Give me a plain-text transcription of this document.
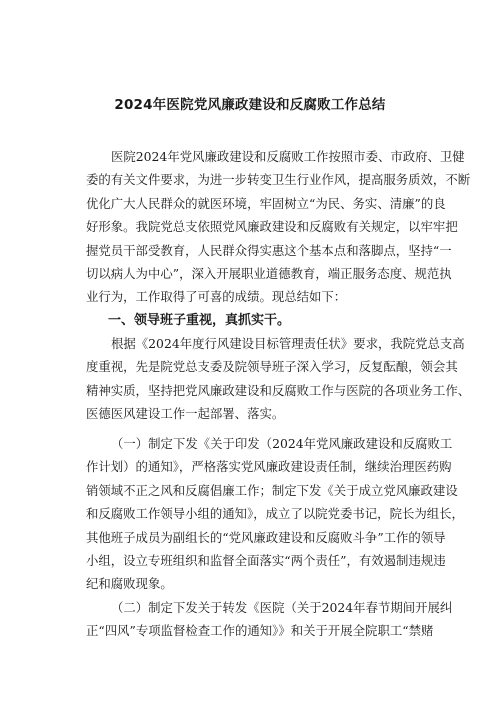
2024年医院党风廉政建设和反腐败工作总结
医院2024年党风廉政建设和反腐败工作按照市委、市政府、卫健
委的有关文件要求，为进一步转变卫生行业作风，提高服务质效，不断
优化广大人民群众的就医环境，牢固树立“为民、务实、清廉”的良
好形象。我院党总支依照党风廉政建设和反腐败有关规定，以牢牢把
握党员干部受教育，人民群众得实惠这个基本点和落脚点，坚持“一
切以病人为中心”，深入开展职业道德教育，端正服务态度、规范执
业行为，工作取得了可喜的成绩。现总结如下：
一、领导班子重视，真抓实干。
根据《2024年度行风建设目标管理责任状》要求，我院党总支高
度重视，先是院党总支委及院领导班子深入学习，反复酝酿，领会其
精神实质，坚持把党风廉政建设和反腐败工作与医院的各项业务工作、
医德医风建设工作一起部署、落实。
（一）制定下发《关于印发（2024年党风廉政建设和反腐败工
作计划）的通知》，严格落实党风廉政建设责任制，继续治理医药购
销领域不正之风和反腐倡廉工作；制定下发《关于成立党风廉政建设
和反腐败工作领导小组的通知》，成立了以院党委书记，院长为组长，
其他班子成员为副组长的“党风廉政建设和反腐败斗争”工作的领导
小组，设立专班组织和监督全面落实“两个责任”，有效遏制违规违
纪和腐败现象。
（二）制定下发关于转发《医院（关于2024年春节期间开展纠
正“四风”专项监督检查工作的通知》》和关于开展全院职工“禁赌
